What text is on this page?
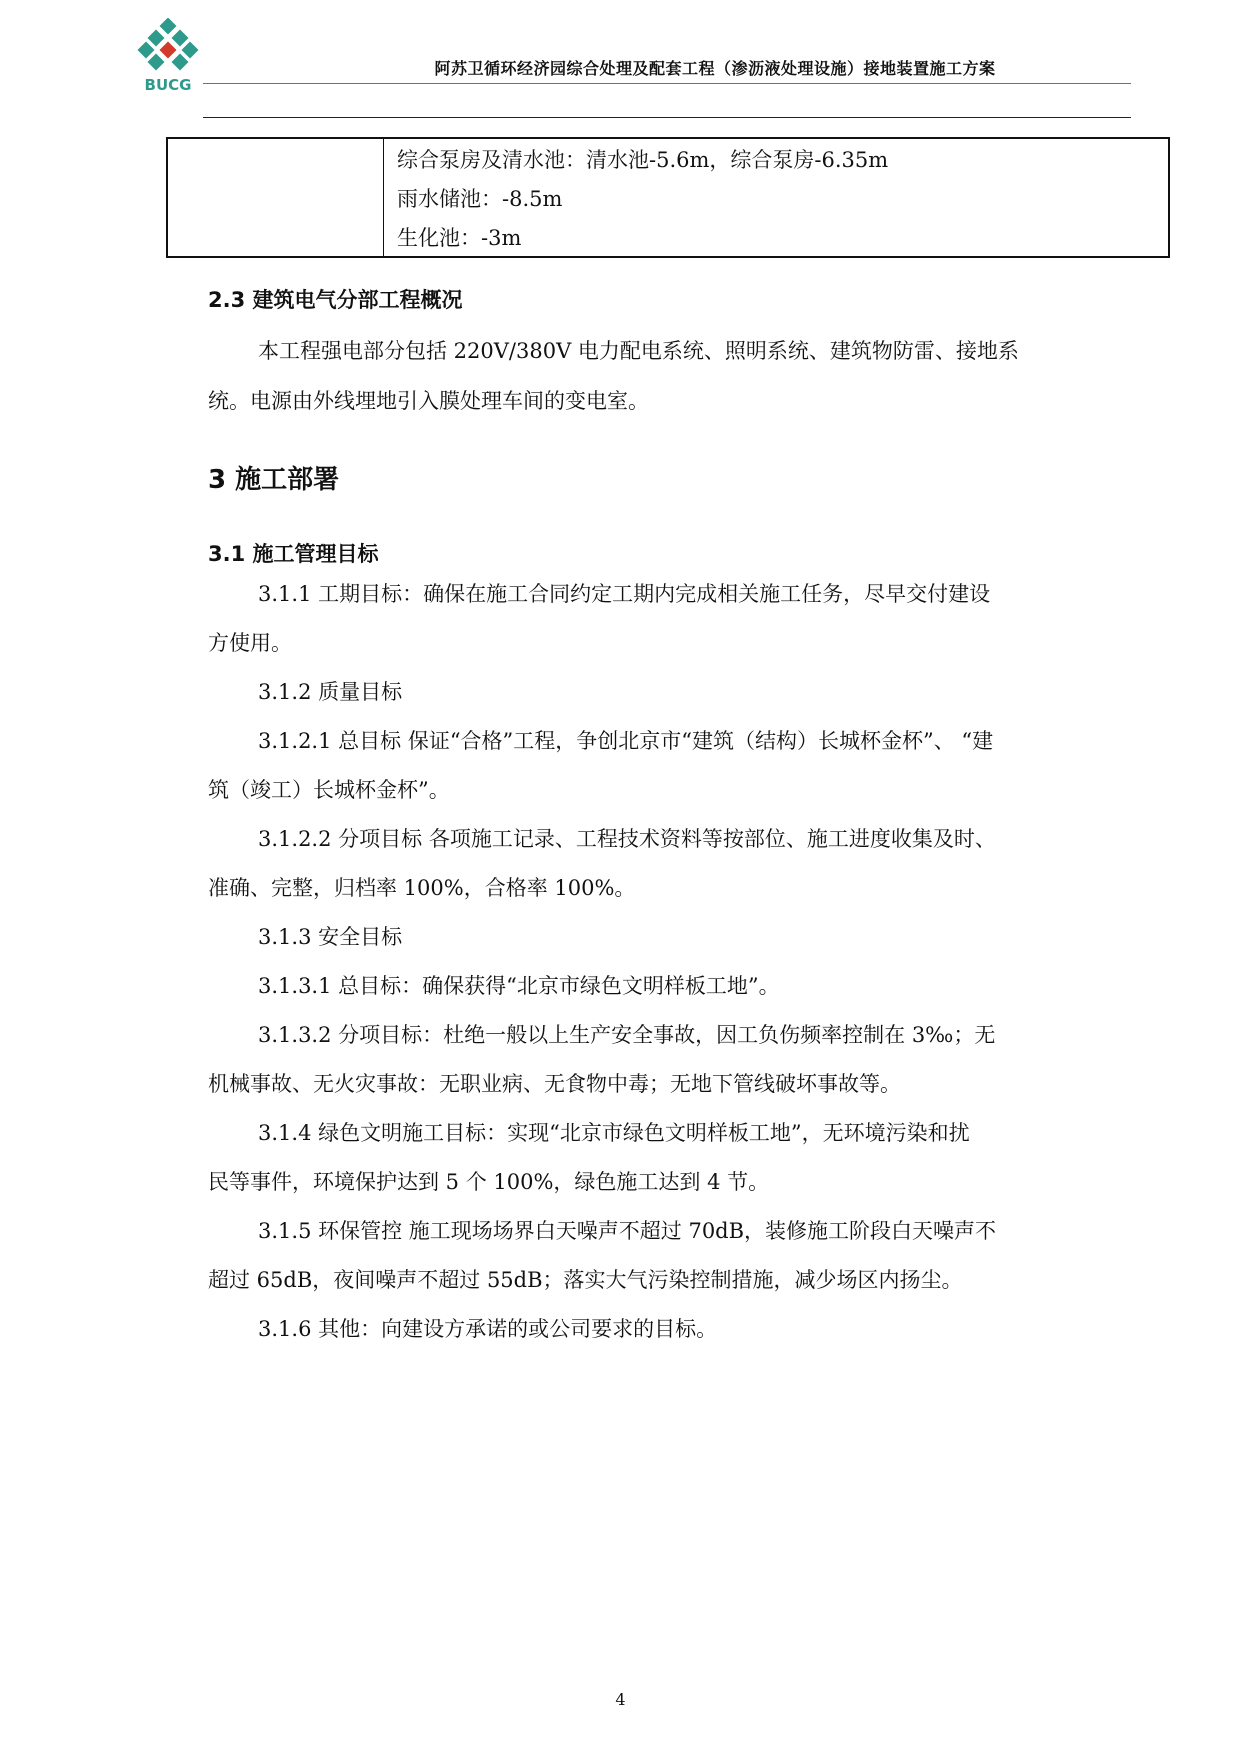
BUCG
阿苏卫循环经济园综合处理及配套工程（渗沥液处理设施）接地装置施工方案
综合泵房及清水池：清水池-5.6m，综合泵房-6.35m
雨水储池：-8.5m
生化池：-3m
2.3 建筑电气分部工程概况
本工程强电部分包括 220V/380V 电力配电系统、照明系统、建筑物防雷、接地系
统。电源由外线埋地引入膜处理车间的变电室。
3 施工部署
3.1 施工管理目标
3.1.1 工期目标：确保在施工合同约定工期内完成相关施工任务，尽早交付建设
方使用。
3.1.2 质量目标
3.1.2.1 总目标 保证“合格”工程，争创北京市“建筑（结构）长城杯金杯”、 “建
筑（竣工）长城杯金杯”。
3.1.2.2 分项目标 各项施工记录、工程技术资料等按部位、施工进度收集及时、
准确、完整，归档率 100%，合格率 100%。
3.1.3 安全目标
3.1.3.1 总目标：确保获得“北京市绿色文明样板工地”。
3.1.3.2 分项目标：杜绝一般以上生产安全事故，因工负伤频率控制在 3‰；无
机械事故、无火灾事故：无职业病、无食物中毒；无地下管线破坏事故等。
3.1.4 绿色文明施工目标：实现“北京市绿色文明样板工地”，无环境污染和扰
民等事件，环境保护达到 5 个 100%，绿色施工达到 4 节。
3.1.5 环保管控 施工现场场界白天噪声不超过 70dB，装修施工阶段白天噪声不
超过 65dB，夜间噪声不超过 55dB；落实大气污染控制措施，减少场区内扬尘。
3.1.6 其他：向建设方承诺的或公司要求的目标。
4
